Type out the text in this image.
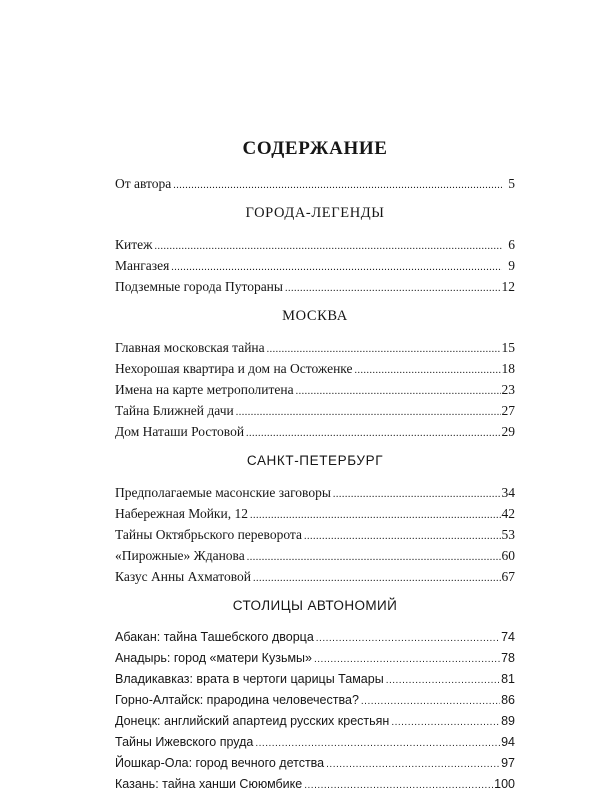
СОДЕРЖАНИЕ
От автора .....	5
ГОРОДА-ЛЕГЕНДЫ
Китеж .....	6
Мангазея .....	9
Подземные города Путораны .....	12
МОСКВА
Главная московская тайна .....	15
Нехорошая квартира и дом на Остоженке .....	18
Имена на карте метрополитена .....	23
Тайна Ближней дачи .....	27
Дом Наташи Ростовой .....	29
САНКТ-ПЕТЕРБУРГ
Предполагаемые масонские заговоры .....	34
Набережная Мойки, 12 .....	42
Тайны Октябрьского переворота .....	53
«Пирожные» Жданова .....	60
Казус Анны Ахматовой .....	67
СТОЛИЦЫ АВТОНОМИЙ
Абакан: тайна Ташебского дворца .....	74
Анадырь: город «матери Кузьмы» .....	78
Владикавказ: врата в чертоги царицы Тамары .....	81
Горно-Алтайск: прародина человечества? .....	86
Донецк: английский апартеид русских крестьян .....	89
Тайны Ижевского пруда .....	94
Йошкар-Ола: город вечного детства .....	97
Казань: тайна ханши Сююмбике .....	100
